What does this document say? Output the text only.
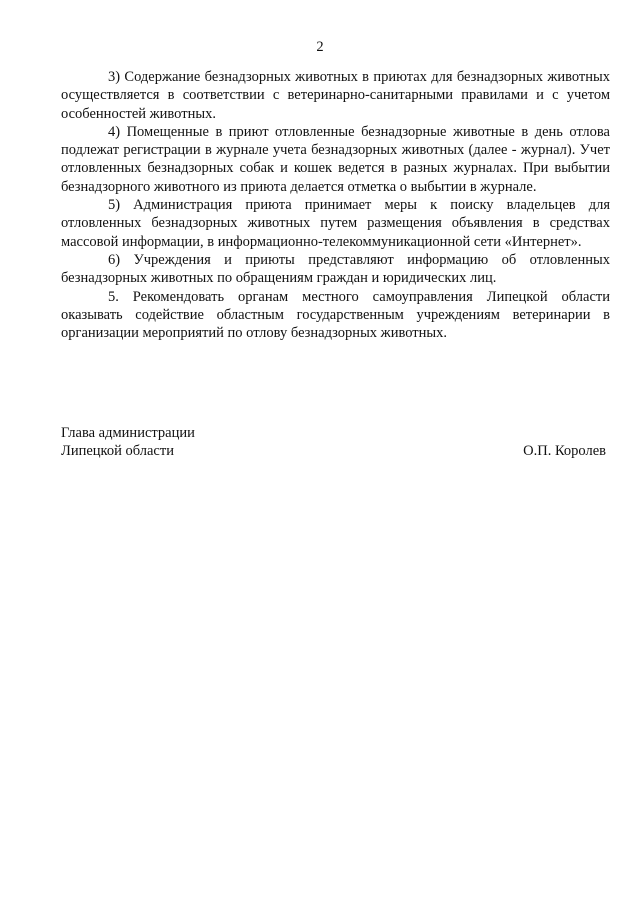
2

3) Содержание безнадзорных животных в приютах для безнадзорных животных осуществляется в соответствии с ветеринарно-санитарными правилами и с учетом особенностей животных.

4) Помещенные в приют отловленные безнадзорные животные в день отлова подлежат регистрации в журнале учета безнадзорных животных (далее - журнал). Учет отловленных безнадзорных собак и кошек ведется в разных журналах. При выбытии безнадзорного животного из приюта делается отметка о выбытии в журнале.

5) Администрация приюта принимает меры к поиску владельцев для отловленных безнадзорных животных путем размещения объявления в средствах массовой информации, в информационно-телекоммуникационной сети «Интернет».

6) Учреждения и приюты представляют информацию об отловленных безнадзорных животных по обращениям граждан и юридических лиц.

5. Рекомендовать органам местного самоуправления Липецкой области оказывать содействие областным государственным учреждениям ветеринарии в организации мероприятий по отлову безнадзорных животных.

Глава администрации
Липецкой области	О.П. Королев
